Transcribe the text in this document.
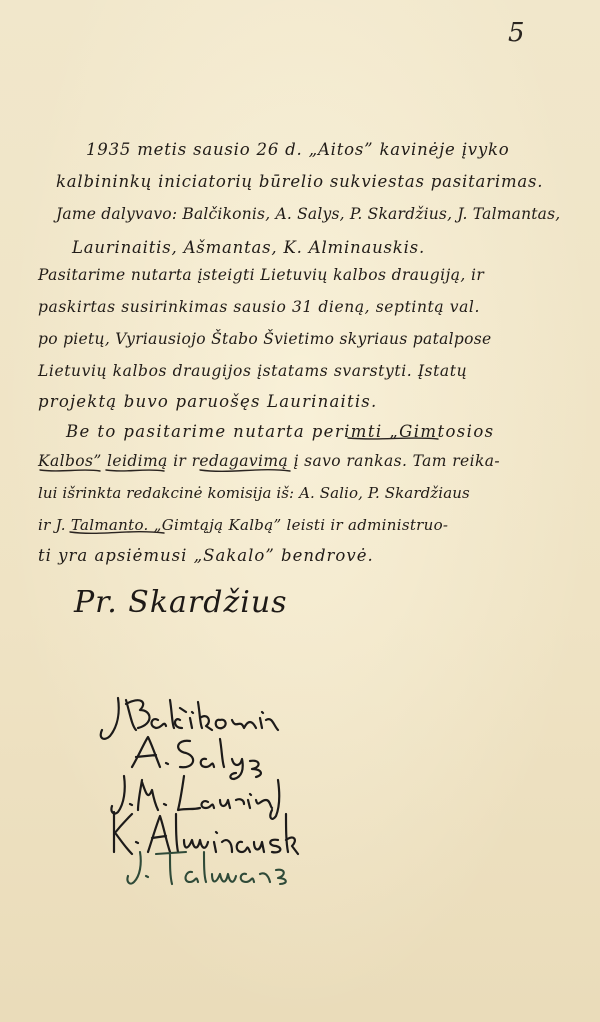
5
1935 metis sausio 26 d. „Aitos” kavinėje įvyko
kalbininkų iniciatorių būrelio sukviestas pasitarimas.
Jame dalyvavo: Balčikonis, A. Salys, P. Skardžius, J. Talmantas,
Laurinaitis, Ašmantas, K. Alminauskis.
Pasitarime nutarta įsteigti Lietuvių kalbos draugiją, ir
paskirtas susirinkimas sausio 31 dieną, septintą val.
po pietų, Vyriausiojo Štabo Švietimo skyriaus patalpose
Lietuvių kalbos draugijos įstatams svarstyti. Įstatų
projektą buvo paruošęs Laurinaitis.
Be to pasitarime nutarta perimti „Gimtosios
Kalbos” leidimą ir redagavimą į savo rankas. Tam reika-
lui išrinkta redakcinė komisija iš: A. Salio, P. Skardžiaus
ir J. Talmanto. „Gimtąją Kalbą” leisti ir administruo-
ti yra apsiėmusi „Sakalo” bendrovė.
Pr. Skardžius
